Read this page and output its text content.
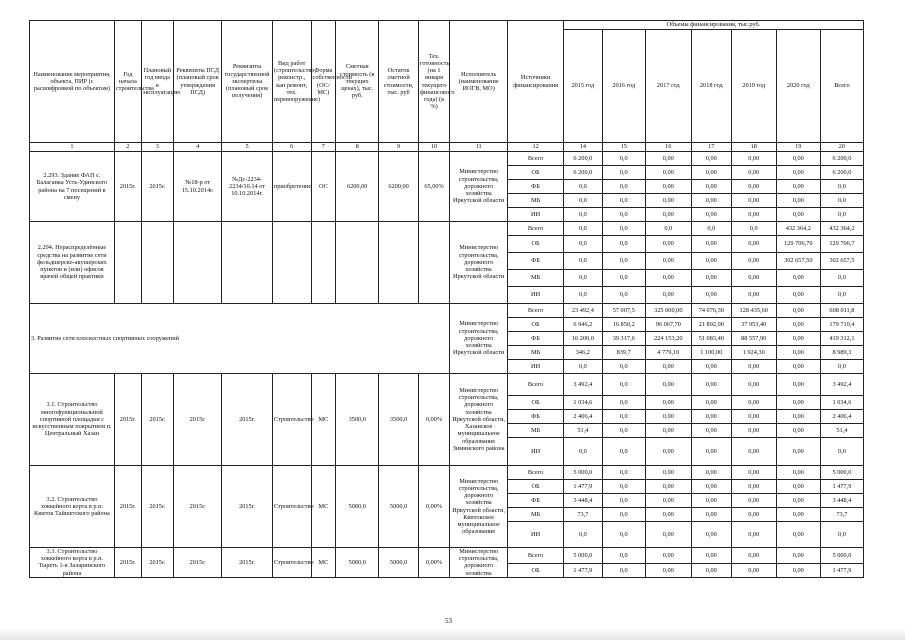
Наименование мероприятия, объекта, ПИР (с расшифровкой по объектам)	Год начала строительства	Плановый год ввода в эксплуатацию	Реквизиты ПСД (плановый срок утверждения ПСД)	Реквизиты государственной экспертизы (плановый срок получения)	Вид работ (строительство, реконстр., кап ремонт, тех. перевооружение)	Форма собственности (ОС/МС)	Сметная стоимость (в текущих ценах), тыс. руб.	Остаток сметной стоимости, тыс. руб	Тех. готовность (на 1 января текущего финансового года) (в %)	Исполнитель (наименование ИОГВ, МО)	Источники финансирования	Объемы финансирования, тыс.руб.						
												2015 год	2016 год	2017 год	2018 год	2019 год	2020 год	Всего
1	2	3	4	5	6	7	8	9	10	11	12	14	15	16	17	18	19	20
2.293. Здание ФАП с. Балаганка Усть-Удинского района на 7 посещений в смену	2015г.	2015г.	№18-р от 15.10.2014г.	№Дс-2234-2234/10.14 от 10.10.2014г.	приобретение	ОС	6200,00	6200,00	65,00%	Министерство строительства, дорожного хозяйства Иркутской области	Всего	6 200,0	0,0	0,00	0,00	0,00	0,00	6 200,0
											ОБ	6 200,0	0,0	0,00	0,00	0,00	0,00	6 200,0
											ФБ	0,0	0,0	0,00	0,00	0,00	0,00	0,0
											МБ	0,0	0,0	0,00	0,00	0,00	0,00	0,0
											ИИ	0,0	0,0	0,00	0,00	0,00	0,00	0,0
2.294. Нераспределённые средства на развитие сети фельдшерско-акушерских пунктов и (или) офисов врачей общей практики										Министерство строительства, дорожного хозяйства Иркутской области	Всего	0,0	0,0	0,0	0,0	0,0	432 364,2	432 364,2
											ОБ	0,0	0,0	0,00	0,00	0,00	129 706,70	129 706,7
											ФБ	0,0	0,0	0,00	0,00	0,00	302 657,50	302 657,5
											МБ	0,0	0,0	0,00	0,00	0,00	0,00	0,0
											ИИ	0,0	0,0	0,00	0,00	0,00	0,00	0,0
3. Развитие сети плоскостных спортивных сооружений										Министерство строительства, дорожного хозяйства Иркутской области	Всего	23 492,4	57 007,5	325 000,00	74 076,30	128 435,60	0,00	608 011,8
											ОБ	6 946,2	16 850,2	96 067,70	21 892,90	37 953,40	0,00	179 710,4
											ФБ	16 200,0	39 317,6	224 153,20	51 083,40	88 557,90	0,00	419 312,1
											МБ	346,2	839,7	4 779,10	1 100,00	1 924,30	0,00	8 989,3
											ИИ	0,0	0,0	0,00	0,00	0,00	0,00	0,0
3.1. Строительство многофункциональной спортивной площадки с искусственным покрытием п. Центральный Хазан	2015г.	2015г.	2015г.	2015г.	Строительство	МС	3500,0	3500,0	0,00%	Министерство строительства, дорожного хозяйства Иркутской области, Хазанское муниципальное образование Зиминского района	Всего	3 492,4	0,0	0,00	0,00	0,00	0,00	3 492,4
											ОБ	1 034,6	0,0	0,00	0,00	0,00	0,00	1 034,6
											ФБ	2 406,4	0,0	0,00	0,00	0,00	0,00	2 406,4
											МБ	51,4	0,0	0,00	0,00	0,00	0,00	51,4
											ИИ	0,0	0,0	0,00	0,00	0,00	0,00	0,0
3.2. Строительство хоккейного корта в р.п. Квиток Тайшетского района	2015г.	2015г.	2015г.	2015г.	Строительство	МС	5000,0	5000,0	0,00%	Министерство строительства, дорожного хозяйства Иркутской области, Квитокское муниципальное образование	Всего	5 000,0	0,0	0,00	0,00	0,00	0,00	5 000,0
											ОБ	1 477,9	0,0	0,00	0,00	0,00	0,00	1 477,9
											ФБ	3 448,4	0,0	0,00	0,00	0,00	0,00	3 448,4
											МБ	73,7	0,0	0,00	0,00	0,00	0,00	73,7
											ИИ	0,0	0,0	0,00	0,00	0,00	0,00	0,0
3.3. Строительство хоккейного корта в р.п. Тыреть 1-я Заларинского района	2015г.	2015г.	2015г.	2015г.	Строительство	МС	5000,0	5000,0	0,00%	Министерство строительства, дорожного хозяйства	Всего	5 000,0	0,0	0,00	0,00	0,00	0,00	5 000,0
											ОБ	1 477,9	0,0	0,00	0,00	0,00	0,00	1 477,9
53
